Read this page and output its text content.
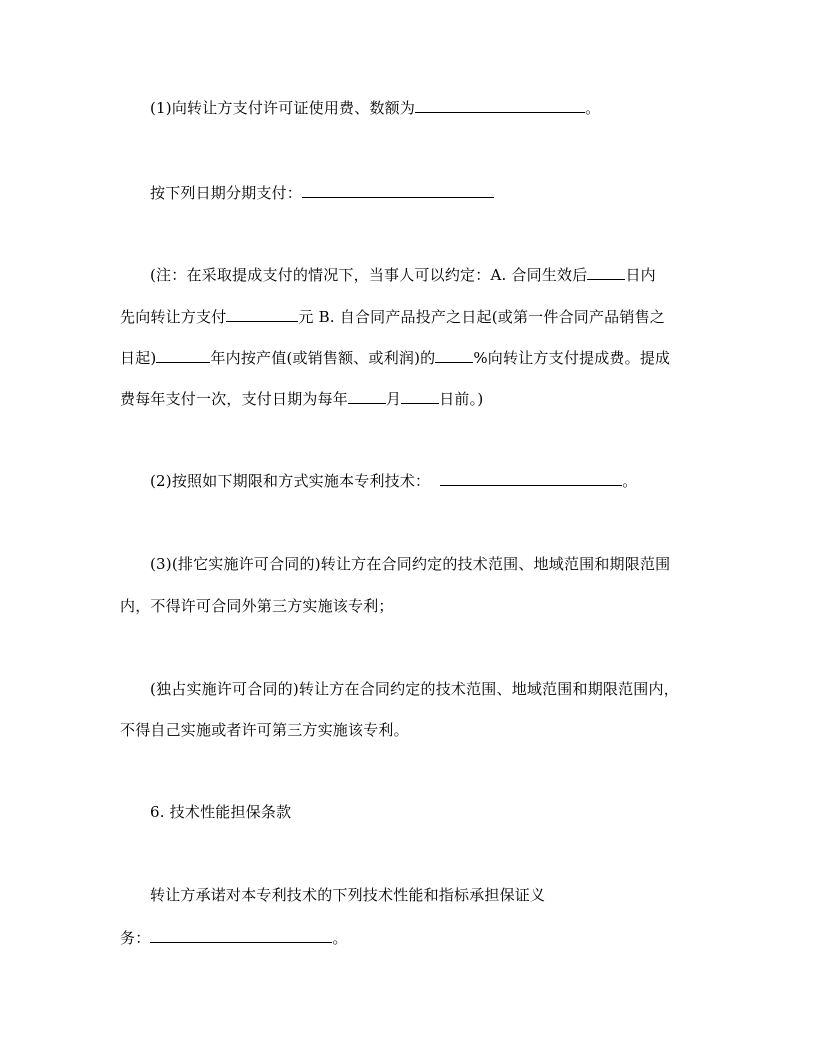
(1)向转让方支付许可证使用费、数额为	。
按下列日期分期支付：
(注：在采取提成支付的情况下，当事人可以约定：A. 合同生效后	日内
先向转让方支付	元 B. 自合同产品投产之日起(或第一件合同产品销售之
日起)	年内按产值(或销售额、或利润)的	%向转让方支付提成费。提成
费每年支付一次，支付日期为每年	月	日前。)
(2)按照如下期限和方式实施本专利技术：	。
(3)(排它实施许可合同的)转让方在合同约定的技术范围、地域范围和期限范围
内，不得许可合同外第三方实施该专利；
(独占实施许可合同的)转让方在合同约定的技术范围、地域范围和期限范围内，
不得自己实施或者许可第三方实施该专利。
6. 技术性能担保条款
转让方承诺对本专利技术的下列技术性能和指标承担保证义
务：	。
